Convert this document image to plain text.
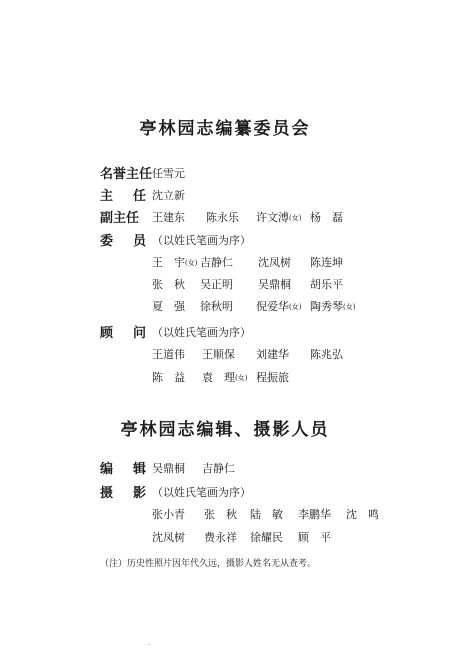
亭林园志编纂委员会
名誉主任 任雪元
主 任 沈立新
副主任 王建东 陈永乐 许文溥(女) 杨　磊
委 员 （以姓氏笔画为序）
王　宇(女) 吉静仁 沈凤树 陈连坤
张　秋 吴正明 吴鼎桐 胡乐平
夏　强 徐秋明 倪爱华(女) 陶秀琴(女)
顾 问 （以姓氏笔画为序）
王道伟 王顺保 刘建华 陈兆弘
陈　益 袁　理(女) 程振旅
亭林园志编辑、摄影人员
编 辑 吴鼎桐 吉静仁
摄 影 （以姓氏笔画为序）
张小青 张　秋 陆　敏 李鹏华 沈　鸣
沈凤树 费永祥 徐耀民 顾　平
（注）历史性照片因年代久远，摄影人姓名无从查考。
·
